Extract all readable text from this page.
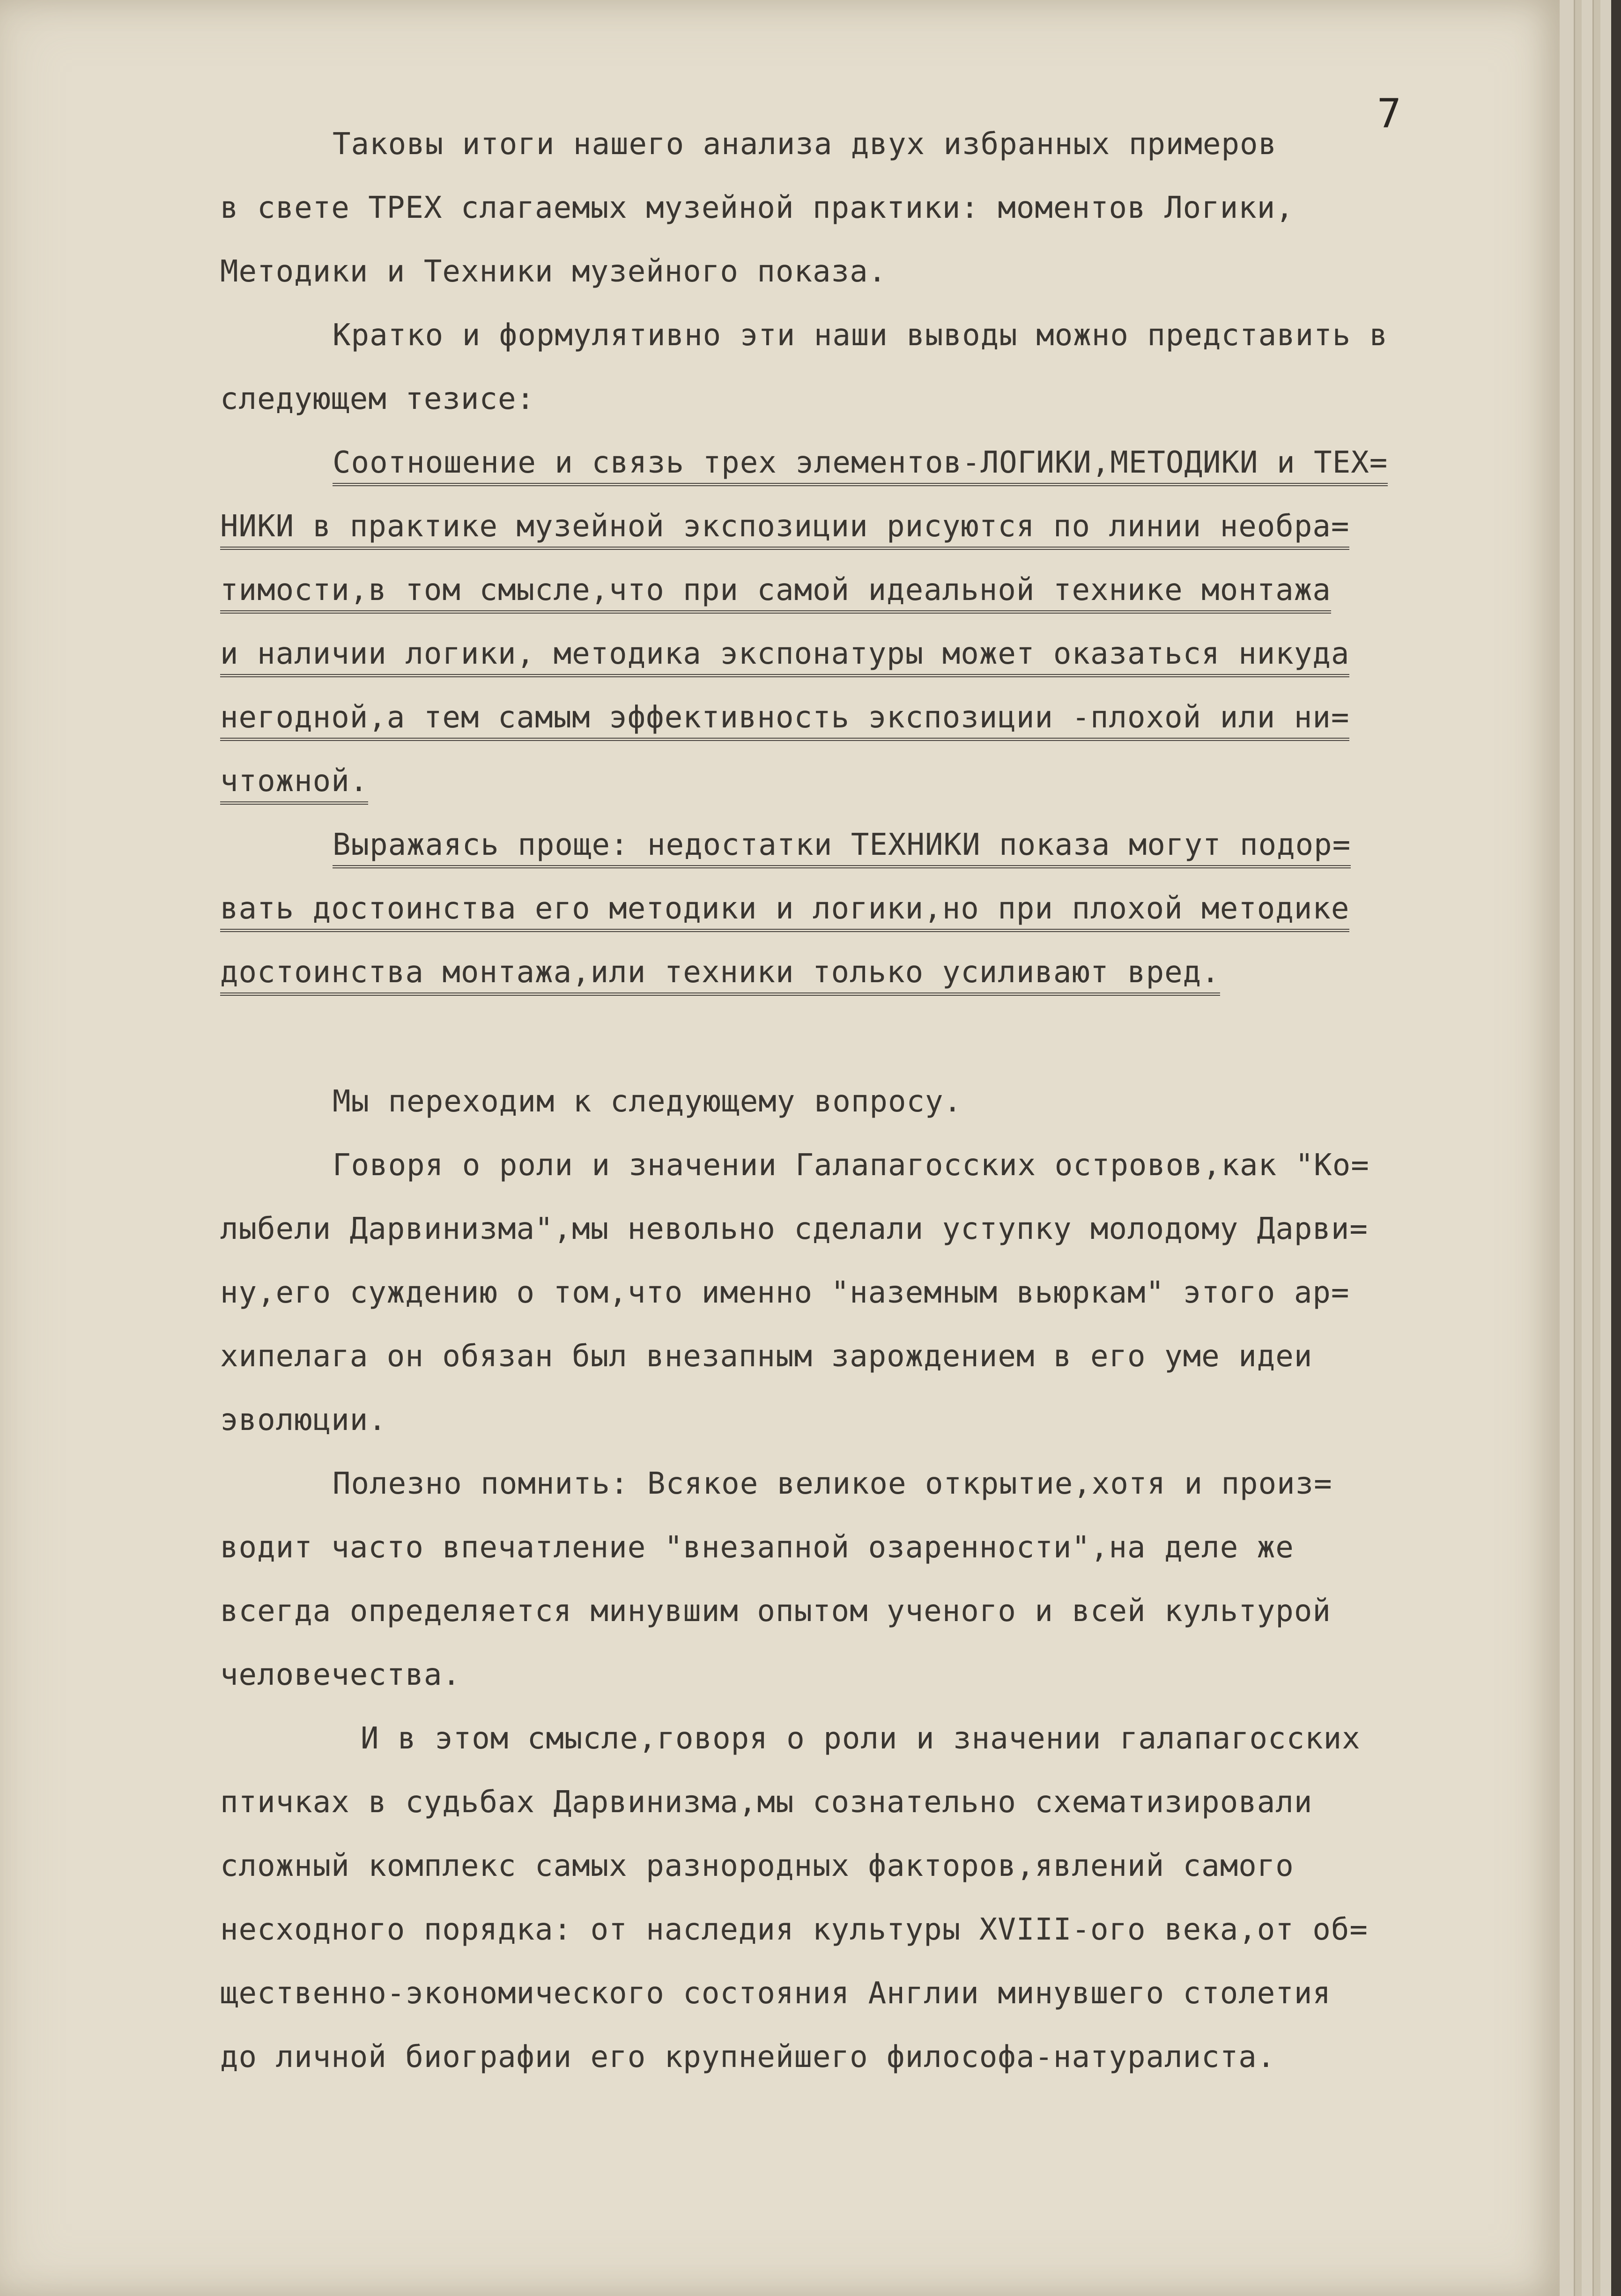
7
Таковы итоги нашего анализа двух избранных примеров
в свете ТРЕХ слагаемых музейной практики: моментов Логики,
Методики и Техники музейного показа.
Кратко и формулятивно эти наши выводы можно представить в
следующем тезисе:
Соотношение и связь трех элементов-ЛОГИКИ,МЕТОДИКИ и ТЕХ=
НИКИ в практике музейной экспозиции рисуются по линии необра=
тимости,в том смысле,что при самой идеальной технике монтажа
и наличии логики, методика экспонатуры может оказаться никуда
негодной,а тем самым эффективность экспозиции -плохой или ни=
чтожной.
Выражаясь проще: недостатки ТЕХНИКИ показа могут подор=
вать достоинства его методики и логики,но при плохой методике
достоинства монтажа,или техники только усиливают вред.
Мы переходим к следующему вопросу.
Говоря о роли и значении Галапагосских островов,как "Ко=
лыбели Дарвинизма",мы невольно сделали уступку молодому Дарви=
ну,его суждению о том,что именно "наземным вьюркам" этого ар=
хипелага он обязан был внезапным зарождением в его уме идеи
эволюции.
Полезно помнить: Всякое великое открытие,хотя и произ=
водит часто впечатление "внезапной озаренности",на деле же
всегда определяется минувшим опытом ученого и всей культурой
человечества.
И в этом смысле,говоря о роли и значении галапагосских
птичках в судьбах Дарвинизма,мы сознательно схематизировали
сложный комплекс самых разнородных факторов,явлений самого
несходного порядка: от наследия культуры XVIII-ого века,от об=
щественно-экономического состояния Англии минувшего столетия
до личной биографии его крупнейшего философа-натуралиста.
